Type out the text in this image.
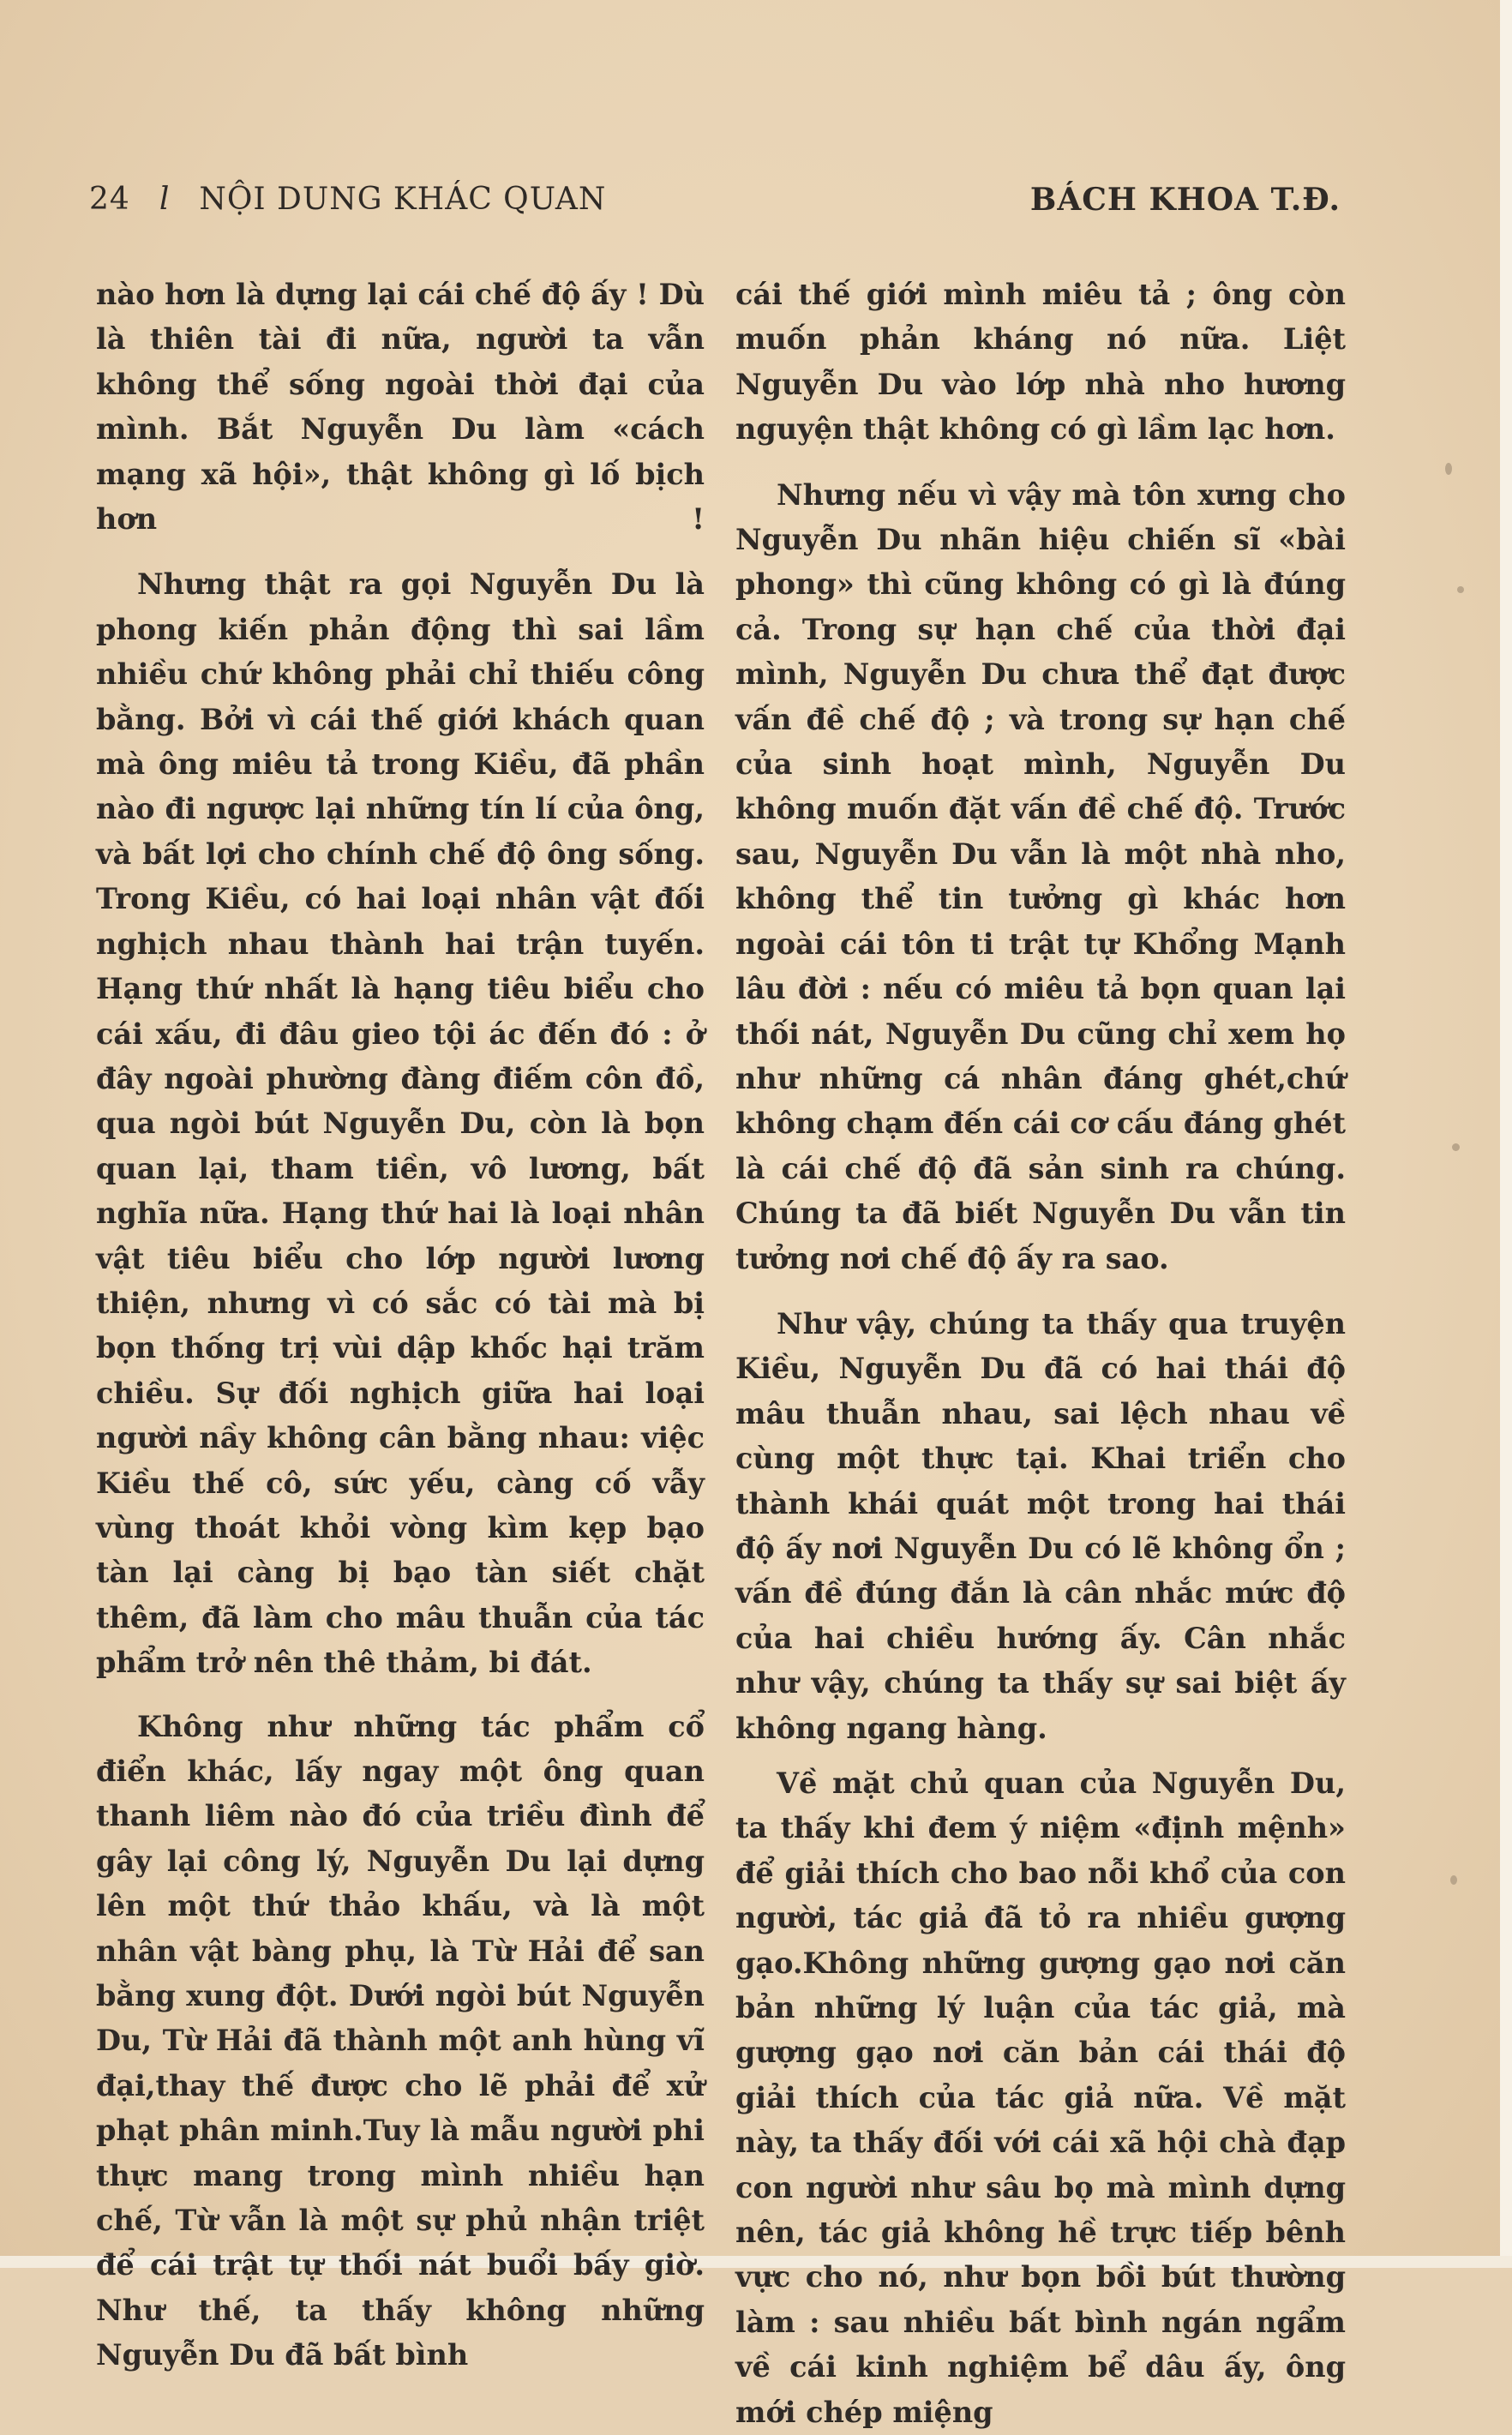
24 l NỘI DUNG KHÁC QUAN	BÁCH KHOA T.Đ.

nào hơn là dựng lại cái chế độ ấy ! Dù là thiên tài đi nữa, người ta vẫn không thể sống ngoài thời đại của mình. Bắt Nguyễn Du làm «cách mạng xã hội», thật không gì lố bịch hơn !

Nhưng thật ra gọi Nguyễn Du là phong kiến phản động thì sai lầm nhiều chứ không phải chỉ thiếu công bằng. Bởi vì cái thế giới khách quan mà ông miêu tả trong Kiều, đã phần nào đi ngược lại những tín lí của ông, và bất lợi cho chính chế độ ông sống. Trong Kiều, có hai loại nhân vật đối nghịch nhau thành hai trận tuyến. Hạng thứ nhất là hạng tiêu biểu cho cái xấu, đi đâu gieo tội ác đến đó : ở đây ngoài phường đàng điếm côn đồ, qua ngòi bút Nguyễn Du, còn là bọn quan lại, tham tiền, vô lương, bất nghĩa nữa. Hạng thứ hai là loại nhân vật tiêu biểu cho lớp người lương thiện, nhưng vì có sắc có tài mà bị bọn thống trị vùi dập khốc hại trăm chiều. Sự đối nghịch giữa hai loại người nầy không cân bằng nhau: việc Kiều thế cô, sức yếu, càng cố vẫy vùng thoát khỏi vòng kìm kẹp bạo tàn lại càng bị bạo tàn siết chặt thêm, đã làm cho mâu thuẫn của tác phẩm trở nên thê thảm, bi đát.

Không như những tác phẩm cổ điển khác, lấy ngay một ông quan thanh liêm nào đó của triều đình để gây lại công lý, Nguyễn Du lại dựng lên một thứ thảo khấu, và là một nhân vật bàng phụ, là Từ Hải để san bằng xung đột. Dưới ngòi bút Nguyễn Du, Từ Hải đã thành một anh hùng vĩ đại,thay thế được cho lẽ phải để xử phạt phân minh.Tuy là mẫu người phi thực mang trong mình nhiều hạn chế, Từ vẫn là một sự phủ nhận triệt để cái trật tự thối nát buổi bấy giờ. Như thế, ta thấy không những Nguyễn Du đã bất bình

cái thế giới mình miêu tả ; ông còn muốn phản kháng nó nữa. Liệt Nguyễn Du vào lớp nhà nho hương nguyện thật không có gì lầm lạc hơn.

Nhưng nếu vì vậy mà tôn xưng cho Nguyễn Du nhãn hiệu chiến sĩ «bài phong» thì cũng không có gì là đúng cả. Trong sự hạn chế của thời đại mình, Nguyễn Du chưa thể đạt được vấn đề chế độ ; và trong sự hạn chế của sinh hoạt mình, Nguyễn Du không muốn đặt vấn đề chế độ. Trước sau, Nguyễn Du vẫn là một nhà nho, không thể tin tưởng gì khác hơn ngoài cái tôn ti trật tự Khổng Mạnh lâu đời : nếu có miêu tả bọn quan lại thối nát, Nguyễn Du cũng chỉ xem họ như những cá nhân đáng ghét,chứ không chạm đến cái cơ cấu đáng ghét là cái chế độ đã sản sinh ra chúng. Chúng ta đã biết Nguyễn Du vẫn tin tưởng nơi chế độ ấy ra sao.

Như vậy, chúng ta thấy qua truyện Kiều, Nguyễn Du đã có hai thái độ mâu thuẫn nhau, sai lệch nhau về cùng một thực tại. Khai triển cho thành khái quát một trong hai thái độ ấy nơi Nguyễn Du có lẽ không ổn ; vấn đề đúng đắn là cân nhắc mức độ của hai chiều hướng ấy. Cân nhắc như vậy, chúng ta thấy sự sai biệt ấy không ngang hàng.

Về mặt chủ quan của Nguyễn Du, ta thấy khi đem ý niệm «định mệnh» để giải thích cho bao nỗi khổ của con người, tác giả đã tỏ ra nhiều gượng gạo.Không những gượng gạo nơi căn bản những lý luận của tác giả, mà gượng gạo nơi căn bản cái thái độ giải thích của tác giả nữa. Về mặt này, ta thấy đối với cái xã hội chà đạp con người như sâu bọ mà mình dựng nên, tác giả không hề trực tiếp bênh vực cho nó, như bọn bồi bút thường làm : sau nhiều bất bình ngán ngẩm về cái kinh nghiệm bể dâu ấy, ông mới chép miệng
